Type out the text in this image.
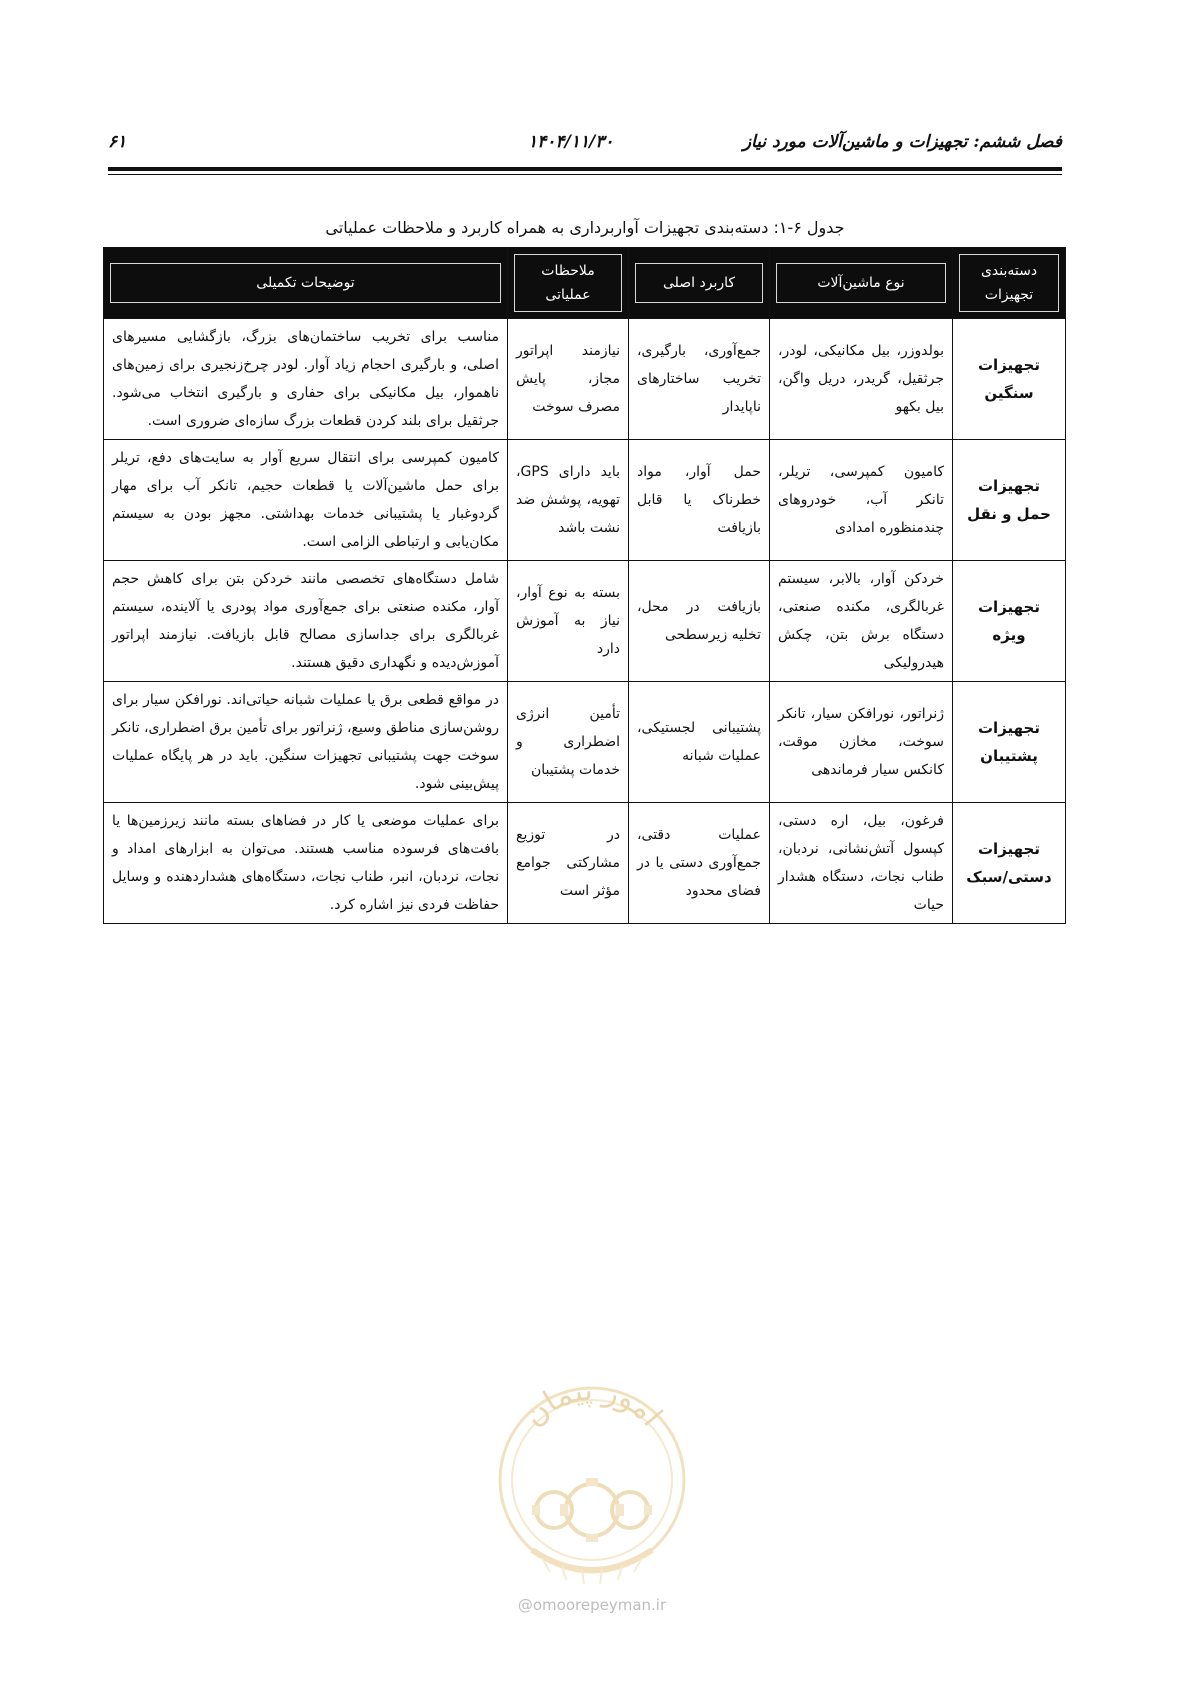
فصل ششم: تجهیزات و ماشین‌آلات مورد نیاز
۱۴۰۴/۱۱/۳۰
۶۱
جدول ۶-۱: دسته‌بندی تجهیزات آواربرداری به همراه کاربرد و ملاحظات عملیاتی
دسته‌بندی تجهیزات	نوع ماشین‌آلات	کاربرد اصلی	ملاحظات عملیاتی	توضیحات تکمیلی

تجهیزات سنگین	بولدوزر، بیل مکانیکی، لودر، جرثقیل، گریدر، دریل واگن، بیل بکهو	جمع‌آوری، بارگیری، تخریب ساختارهای ناپایدار	نیازمند اپراتور مجاز، پایش مصرف سوخت	مناسب برای تخریب ساختمان‌های بزرگ، بازگشایی مسیرهای اصلی، و بارگیری احجام زیاد آوار. لودر چرخ‌زنجیری برای زمین‌های ناهموار، بیل مکانیکی برای حفاری و بارگیری انتخاب می‌شود. جرثقیل برای بلند کردن قطعات بزرگ سازه‌ای ضروری است.
تجهیزات حمل و نقل	کامیون کمپرسی، تریلر، تانکر آب، خودروهای چندمنظوره امدادی	حمل آوار، مواد خطرناک یا قابل بازیافت	باید دارای GPS، تهویه، پوشش ضد نشت باشد	کامیون کمپرسی برای انتقال سریع آوار به سایت‌های دفع، تریلر برای حمل ماشین‌آلات یا قطعات حجیم، تانکر آب برای مهار گردوغبار یا پشتیبانی خدمات بهداشتی. مجهز بودن به سیستم مکان‌یابی و ارتباطی الزامی است.
تجهیزات ویژه	خردکن آوار، بالابر، سیستم غربالگری، مکنده صنعتی، دستگاه برش بتن، چکش هیدرولیکی	بازیافت در محل، تخلیه زیرسطحی	بسته به نوع آوار، نیاز به آموزش دارد	شامل دستگاه‌های تخصصی مانند خردکن بتن برای کاهش حجم آوار، مکنده صنعتی برای جمع‌آوری مواد پودری یا آلاینده، سیستم غربالگری برای جداسازی مصالح قابل بازیافت. نیازمند اپراتور آموزش‌دیده و نگهداری دقیق هستند.
تجهیزات پشتیبان	ژنراتور، نورافکن سیار، تانکر سوخت، مخازن موقت، کانکس سیار فرماندهی	پشتیبانی لجستیکی، عملیات شبانه	تأمین انرژی اضطراری و خدمات پشتیبان	در مواقع قطعی برق یا عملیات شبانه حیاتی‌اند. نورافکن سیار برای روشن‌سازی مناطق وسیع، ژنراتور برای تأمین برق اضطراری، تانکر سوخت جهت پشتیبانی تجهیزات سنگین. باید در هر پایگاه عملیات پیش‌بینی شود.
تجهیزات دستی/سبک	فرغون، بیل، اره دستی، کپسول آتش‌نشانی، نردبان، طناب نجات، دستگاه هشدار حیات	عملیات دقتی، جمع‌آوری دستی یا در فضای محدود	در توزیع مشارکتی جوامع مؤثر است	برای عملیات موضعی یا کار در فضاهای بسته مانند زیرزمین‌ها یا بافت‌های فرسوده مناسب هستند. می‌توان به ابزارهای امداد و نجات، نردبان، انبر، طناب نجات، دستگاه‌های هشداردهنده و وسایل حفاظت فردی نیز اشاره کرد.
امور پیمان
@omoorepeyman.ir
